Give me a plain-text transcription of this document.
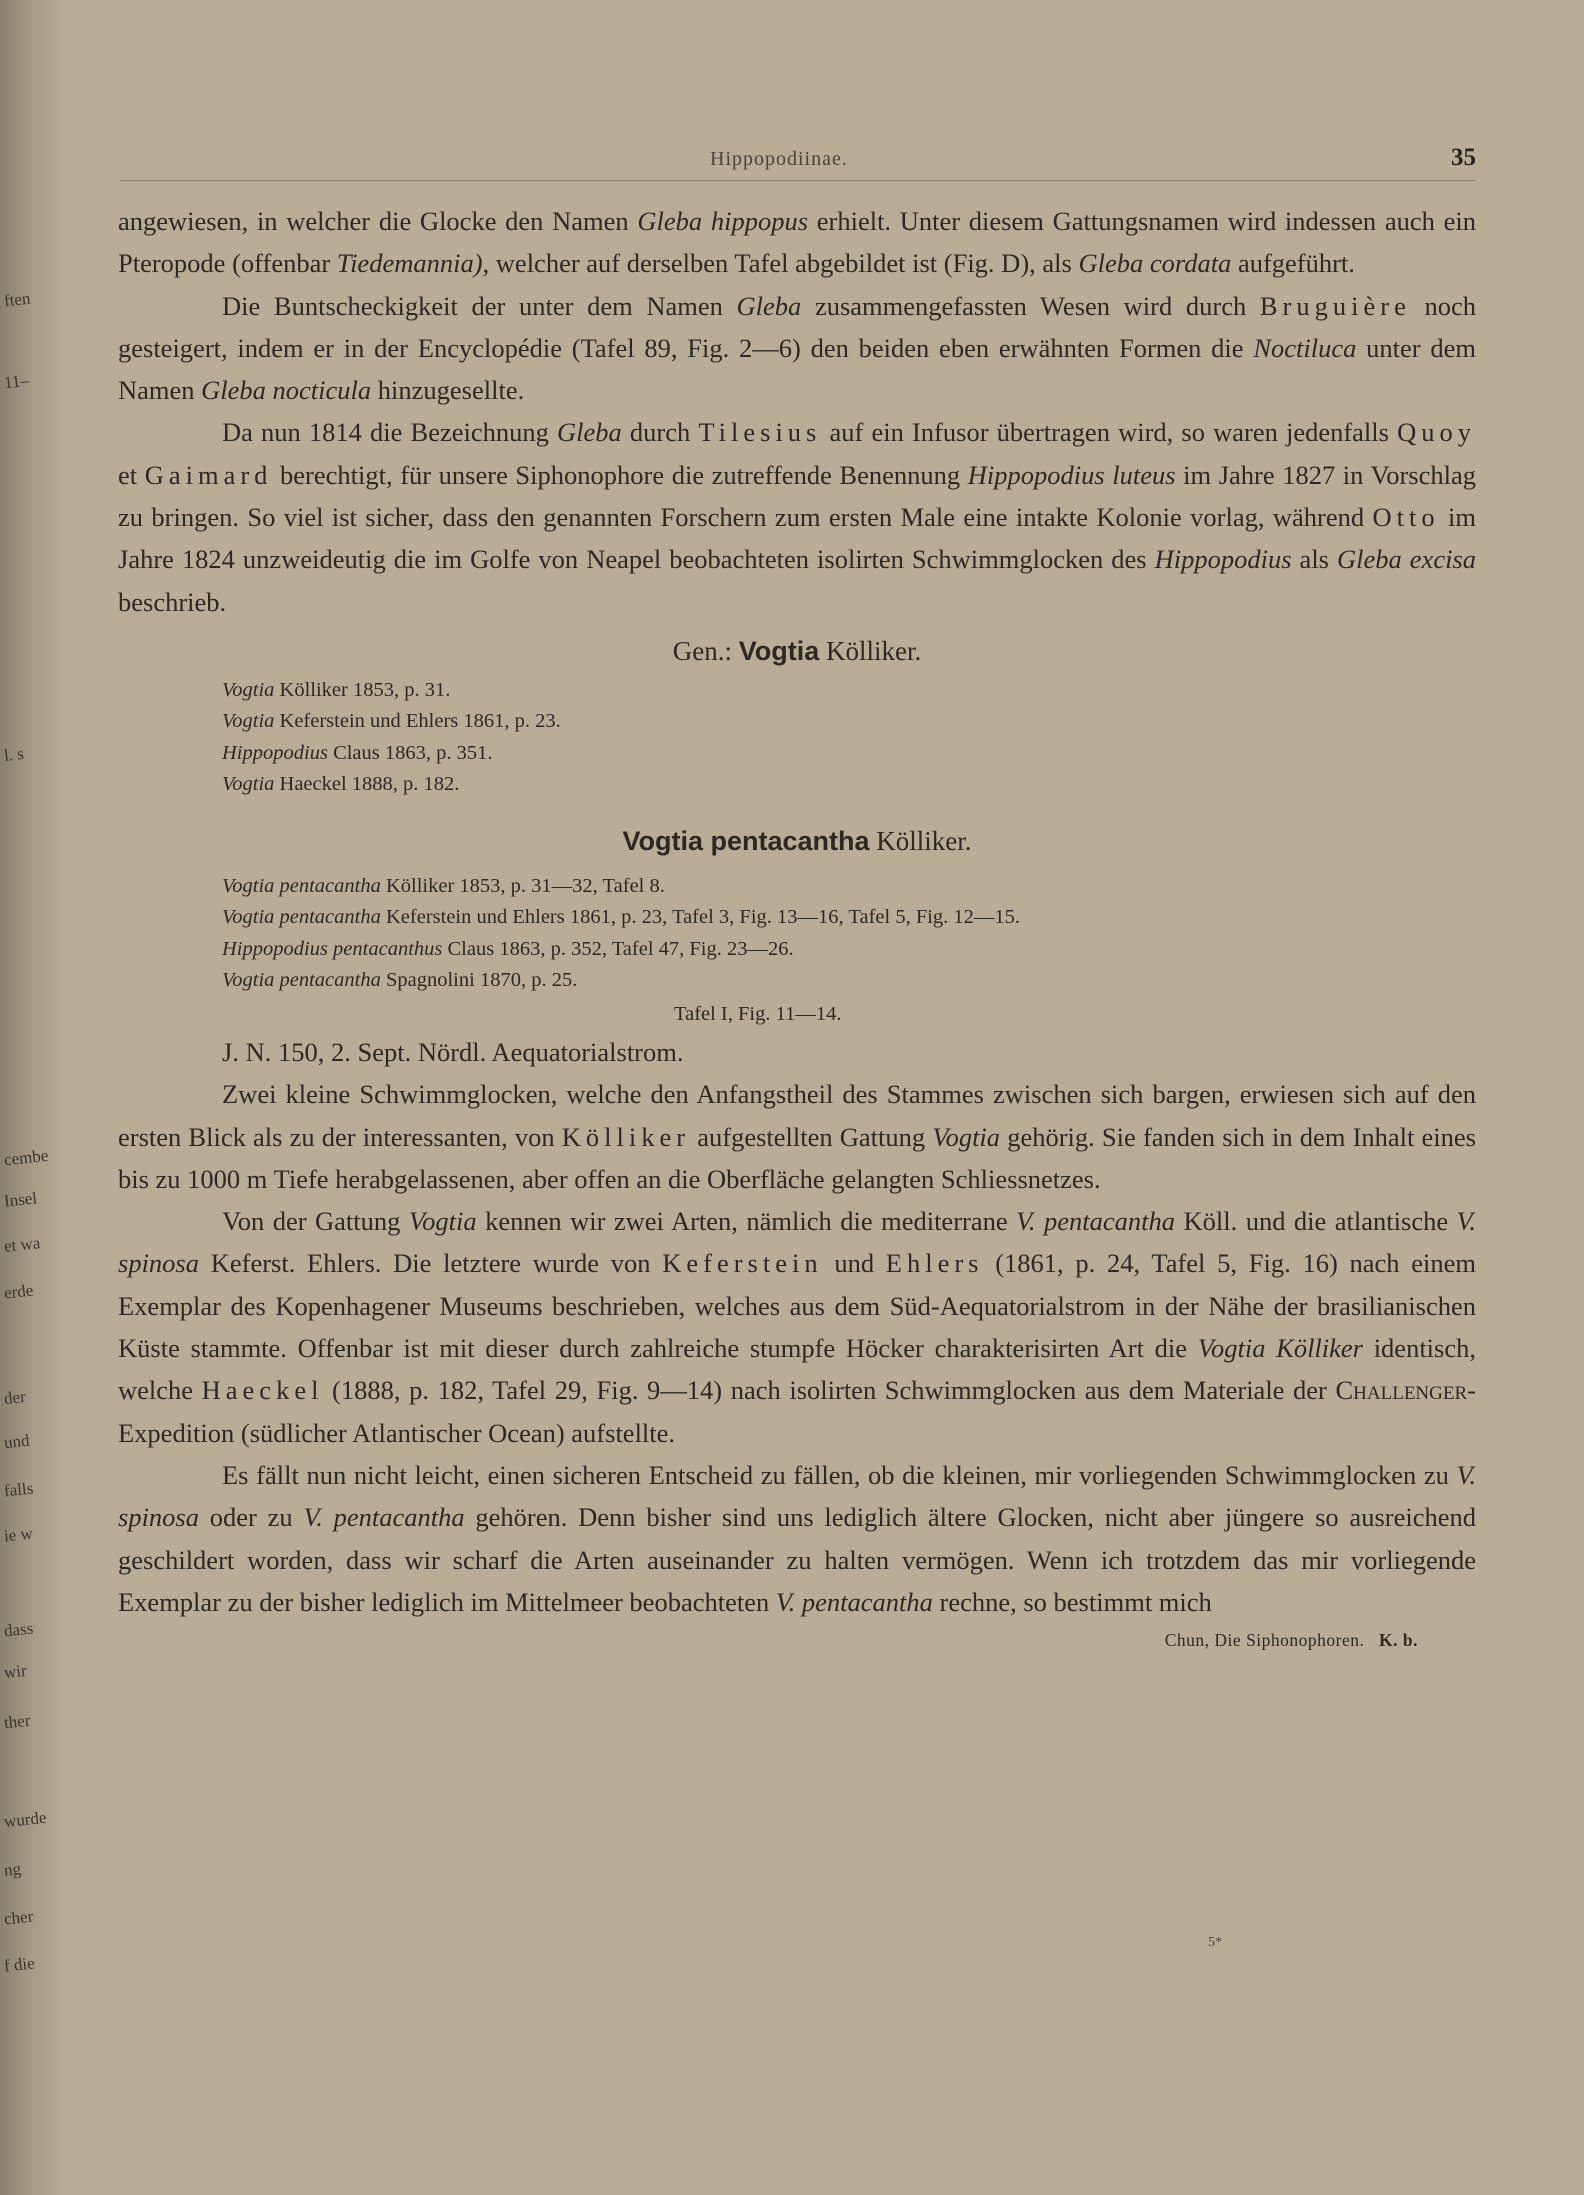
ften
11–
l. s
cembe
Insel
et wa
erde
der
und
falls
ie w
dass
wir
ther
wurde
ng
cher
f die
Hippopodiinae.	35

angewiesen, in welcher die Glocke den Namen Gleba hippopus erhielt. Unter diesem Gattungsnamen wird indessen auch ein Pteropode (offenbar Tiedemannia), welcher auf derselben Tafel abgebildet ist (Fig. D), als Gleba cordata aufgeführt.

Die Buntscheckigkeit der unter dem Namen Gleba zusammengefassten Wesen wird durch Bruguière noch gesteigert, indem er in der Encyclopédie (Tafel 89, Fig. 2—6) den beiden eben erwähnten Formen die Noctiluca unter dem Namen Gleba nocticula hinzugesellte.

Da nun 1814 die Bezeichnung Gleba durch Tilesius auf ein Infusor übertragen wird, so waren jedenfalls Quoy et Gaimard berechtigt, für unsere Siphonophore die zutreffende Benennung Hippopodius luteus im Jahre 1827 in Vorschlag zu bringen. So viel ist sicher, dass den genannten Forschern zum ersten Male eine intakte Kolonie vorlag, während Otto im Jahre 1824 unzweideutig die im Golfe von Neapel beobachteten isolirten Schwimmglocken des Hippopodius als Gleba excisa beschrieb.

Gen.: Vogtia Kölliker.

Vogtia Kölliker 1853, p. 31.

Vogtia Keferstein und Ehlers 1861, p. 23.

Hippopodius Claus 1863, p. 351.

Vogtia Haeckel 1888, p. 182.

Vogtia pentacantha Kölliker.

Vogtia pentacantha Kölliker 1853, p. 31—32, Tafel 8.

Vogtia pentacantha Keferstein und Ehlers 1861, p. 23, Tafel 3, Fig. 13—16, Tafel 5, Fig. 12—15.

Hippopodius pentacanthus Claus 1863, p. 352, Tafel 47, Fig. 23—26.

Vogtia pentacantha Spagnolini 1870, p. 25.

Tafel I, Fig. 11—14.

J. N. 150, 2. Sept. Nördl. Aequatorialstrom.

Zwei kleine Schwimmglocken, welche den Anfangstheil des Stammes zwischen sich bargen, erwiesen sich auf den ersten Blick als zu der interessanten, von Kölliker aufgestellten Gattung Vogtia gehörig. Sie fanden sich in dem Inhalt eines bis zu 1000 m Tiefe herabgelassenen, aber offen an die Oberfläche gelangten Schliessnetzes.

Von der Gattung Vogtia kennen wir zwei Arten, nämlich die mediterrane V. pentacantha Köll. und die atlantische V. spinosa Keferst. Ehlers. Die letztere wurde von Keferstein und Ehlers (1861, p. 24, Tafel 5, Fig. 16) nach einem Exemplar des Kopenhagener Museums beschrieben, welches aus dem Süd-Aequatorialstrom in der Nähe der brasilianischen Küste stammte. Offenbar ist mit dieser durch zahlreiche stumpfe Höcker charakterisirten Art die Vogtia Kölliker identisch, welche Haeckel (1888, p. 182, Tafel 29, Fig. 9—14) nach isolirten Schwimmglocken aus dem Materiale der Challenger-Expedition (südlicher Atlantischer Ocean) aufstellte.

Es fällt nun nicht leicht, einen sicheren Entscheid zu fällen, ob die kleinen, mir vorliegenden Schwimmglocken zu V. spinosa oder zu V. pentacantha gehören. Denn bisher sind uns lediglich ältere Glocken, nicht aber jüngere so ausreichend geschildert worden, dass wir scharf die Arten auseinander zu halten vermögen. Wenn ich trotzdem das mir vorliegende Exemplar zu der bisher lediglich im Mittelmeer beobachteten V. pentacantha rechne, so bestimmt mich

Chun, Die Siphonophoren. K. b.
5*
